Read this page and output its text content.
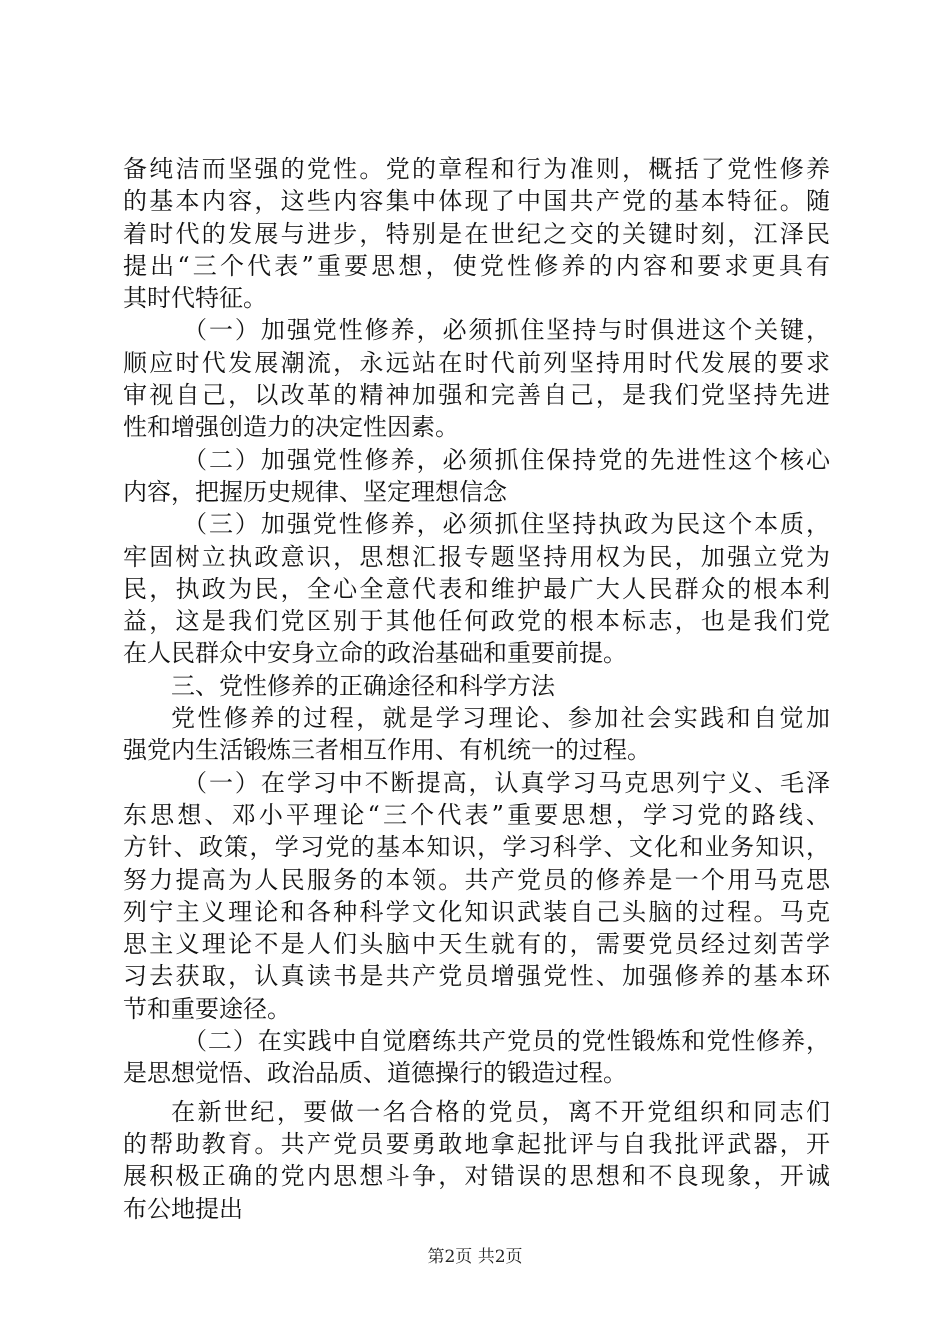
备纯洁而坚强的党性。党的章程和行为准则，概括了党性修养
的基本内容，这些内容集中体现了中国共产党的基本特征。随
着时代的发展与进步，特别是在世纪之交的关键时刻，江泽民
提出“三个代表”重要思想，使党性修养的内容和要求更具有
其时代特征。
（一）加强党性修养，必须抓住坚持与时俱进这个关键，
顺应时代发展潮流，永远站在时代前列坚持用时代发展的要求
审视自己，以改革的精神加强和完善自己，是我们党坚持先进
性和增强创造力的决定性因素。
（二）加强党性修养，必须抓住保持党的先进性这个核心
内容，把握历史规律、坚定理想信念
（三）加强党性修养，必须抓住坚持执政为民这个本质，
牢固树立执政意识，思想汇报专题坚持用权为民，加强立党为
民，执政为民，全心全意代表和维护最广大人民群众的根本利
益，这是我们党区别于其他任何政党的根本标志，也是我们党
在人民群众中安身立命的政治基础和重要前提。
三、党性修养的正确途径和科学方法
党性修养的过程，就是学习理论、参加社会实践和自觉加
强党内生活锻炼三者相互作用、有机统一的过程。
（一）在学习中不断提高，认真学习马克思列宁义、毛泽
东思想、邓小平理论“三个代表”重要思想，学习党的路线、
方针、政策，学习党的基本知识，学习科学、文化和业务知识，
努力提高为人民服务的本领。共产党员的修养是一个用马克思
列宁主义理论和各种科学文化知识武装自己头脑的过程。马克
思主义理论不是人们头脑中天生就有的，需要党员经过刻苦学
习去获取，认真读书是共产党员增强党性、加强修养的基本环
节和重要途径。
（二）在实践中自觉磨练共产党员的党性锻炼和党性修养，
是思想觉悟、政治品质、道德操行的锻造过程。
在新世纪，要做一名合格的党员，离不开党组织和同志们
的帮助教育。共产党员要勇敢地拿起批评与自我批评武器，开
展积极正确的党内思想斗争，对错误的思想和不良现象，开诚
布公地提出
第2页 共2页
